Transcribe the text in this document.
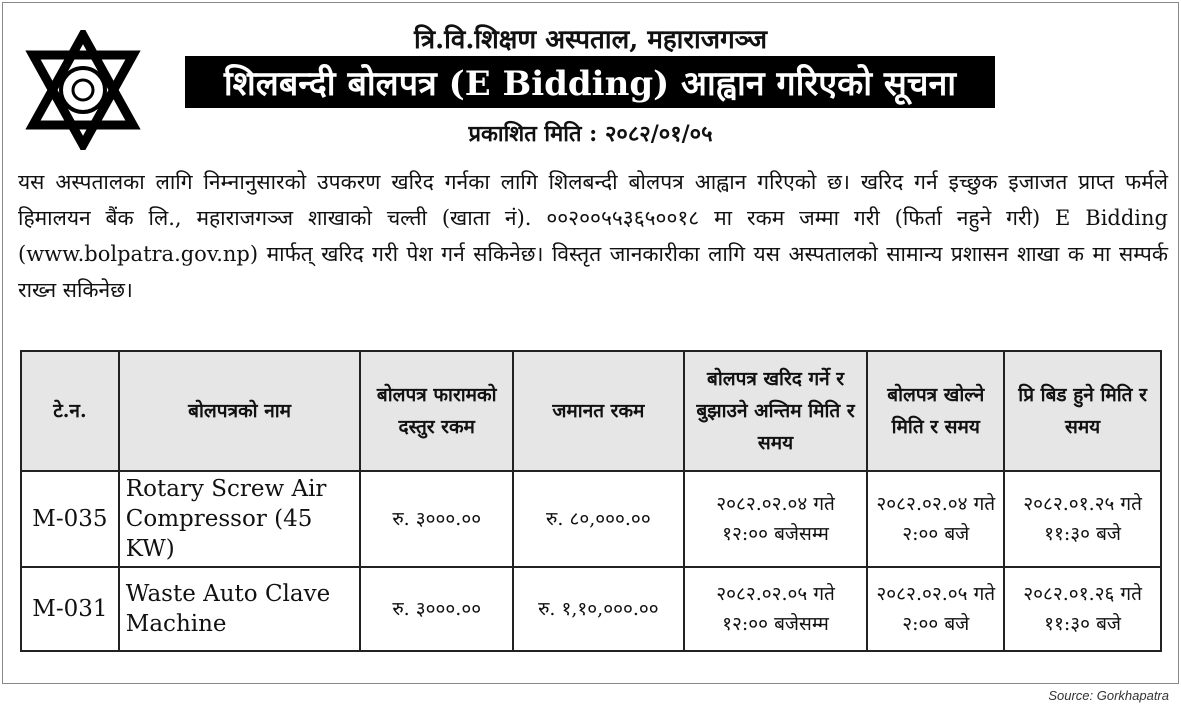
त्रि.वि.शिक्षण अस्पताल, महाराजगञ्ज
शिलबन्दी बोलपत्र (E Bidding) आह्वान गरिएको सूचना
प्रकाशित मिति : २०८२/०१/०५
यस अस्पतालका लागि निम्नानुसारको उपकरण खरिद गर्नका लागि शिलबन्दी बोलपत्र आह्वान गरिएको छ। खरिद गर्न इच्छुक इजाजत प्राप्त फर्मले हिमालयन बैंक लि., महाराजगञ्ज शाखाको चल्ती (खाता नं). ००२००५५३६५००१८ मा रकम जम्मा गरी (फिर्ता नहुने गरी) E Bidding (www.bolpatra.gov.np) मार्फत् खरिद गरी पेश गर्न सकिनेछ। विस्तृत जानकारीका लागि यस अस्पतालको सामान्य प्रशासन शाखा क मा सम्पर्क राख्न सकिनेछ।
टे.न.	बोलपत्रको नाम	बोलपत्र फारामको दस्तुर रकम	जमानत रकम	बोलपत्र खरिद गर्ने र बुझाउने अन्तिम मिति र समय	बोलपत्र खोल्ने मिति र समय	प्रि बिड हुने मिति र समय
M-035	Rotary Screw Air Compressor (45 KW)	रु. ३०००.००	रु. ८०,०००.००	२०८२.०२.०४ गते १२:०० बजेसम्म	२०८२.०२.०४ गते २:०० बजे	२०८२.०१.२५ गते ११:३० बजे
M-031	Waste Auto Clave Machine	रु. ३०००.००	रु. १,१०,०००.००	२०८२.०२.०५ गते १२:०० बजेसम्म	२०८२.०२.०५ गते २:०० बजे	२०८२.०१.२६ गते ११:३० बजे
Source: Gorkhapatra
